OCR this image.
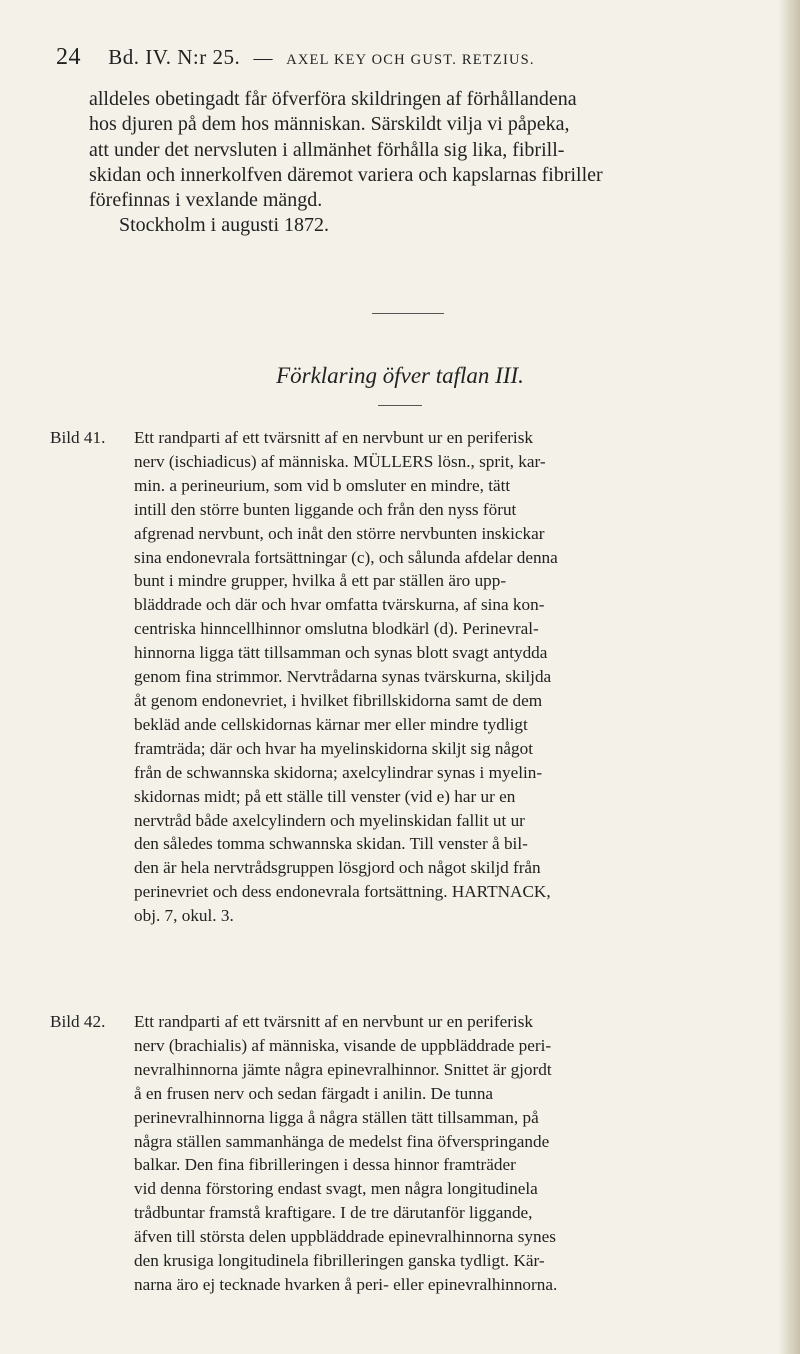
24 Bd. IV. N:r 25. — AXEL KEY OCH GUST. RETZIUS.
alldeles obetingadt får öfverföra skildringen af förhållandena
hos djuren på dem hos människan. Särskildt vilja vi påpeka,
att under det nervsluten i allmänhet förhålla sig lika, fibrill-
skidan och innerkolfven däremot variera och kapslarnas fibriller
förefinnas i vexlande mängd.
Stockholm i augusti 1872.
Förklaring öfver taflan III.
Bild 41. Ett randparti af ett tvärsnitt af en nervbunt ur en periferisk
nerv (ischiadicus) af människa. MÜLLERS lösn., sprit, kar-
min. a perineurium, som vid b omsluter en mindre, tätt
intill den större bunten liggande och från den nyss förut
afgrenad nervbunt, och inåt den större nervbunten inskickar
sina endonevrala fortsättningar (c), och sålunda afdelar denna
bunt i mindre grupper, hvilka å ett par ställen äro upp-
bläddrade och där och hvar omfatta tvärskurna, af sina kon-
centriska hinncellhinnor omslutna blodkärl (d). Perinevral-
hinnorna ligga tätt tillsamman och synas blott svagt antydda
genom fina strimmor. Nervtrådarna synas tvärskurna, skiljda
åt genom endonevriet, i hvilket fibrillskidorna samt de dem
bekläd ande cellskidornas kärnar mer eller mindre tydligt
framträda; där och hvar ha myelinskidorna skiljt sig något
från de schwannska skidorna; axelcylindrar synas i myelin-
skidornas midt; på ett ställe till venster (vid e) har ur en
nervtråd både axelcylindern och myelinskidan fallit ut ur
den således tomma schwannska skidan. Till venster å bil-
den är hela nervtrådsgruppen lösgjord och något skiljd från
perinevriet och dess endonevrala fortsättning. HARTNACK,
obj. 7, okul. 3.
Bild 42. Ett randparti af ett tvärsnitt af en nervbunt ur en periferisk
nerv (brachialis) af människa, visande de uppbläddrade peri-
nevralhinnorna jämte några epinevralhinnor. Snittet är gjordt
å en frusen nerv och sedan färgadt i anilin. De tunna
perinevralhinnorna ligga å några ställen tätt tillsamman, på
några ställen sammanhänga de medelst fina öfverspringande
balkar. Den fina fibrilleringen i dessa hinnor framträder
vid denna förstoring endast svagt, men några longitudinela
trådbuntar framstå kraftigare. I de tre därutanför liggande,
äfven till största delen uppbläddrade epinevralhinnorna synes
den krusiga longitudinela fibrilleringen ganska tydligt. Kär-
narna äro ej tecknade hvarken å peri- eller epinevralhinnorna.
